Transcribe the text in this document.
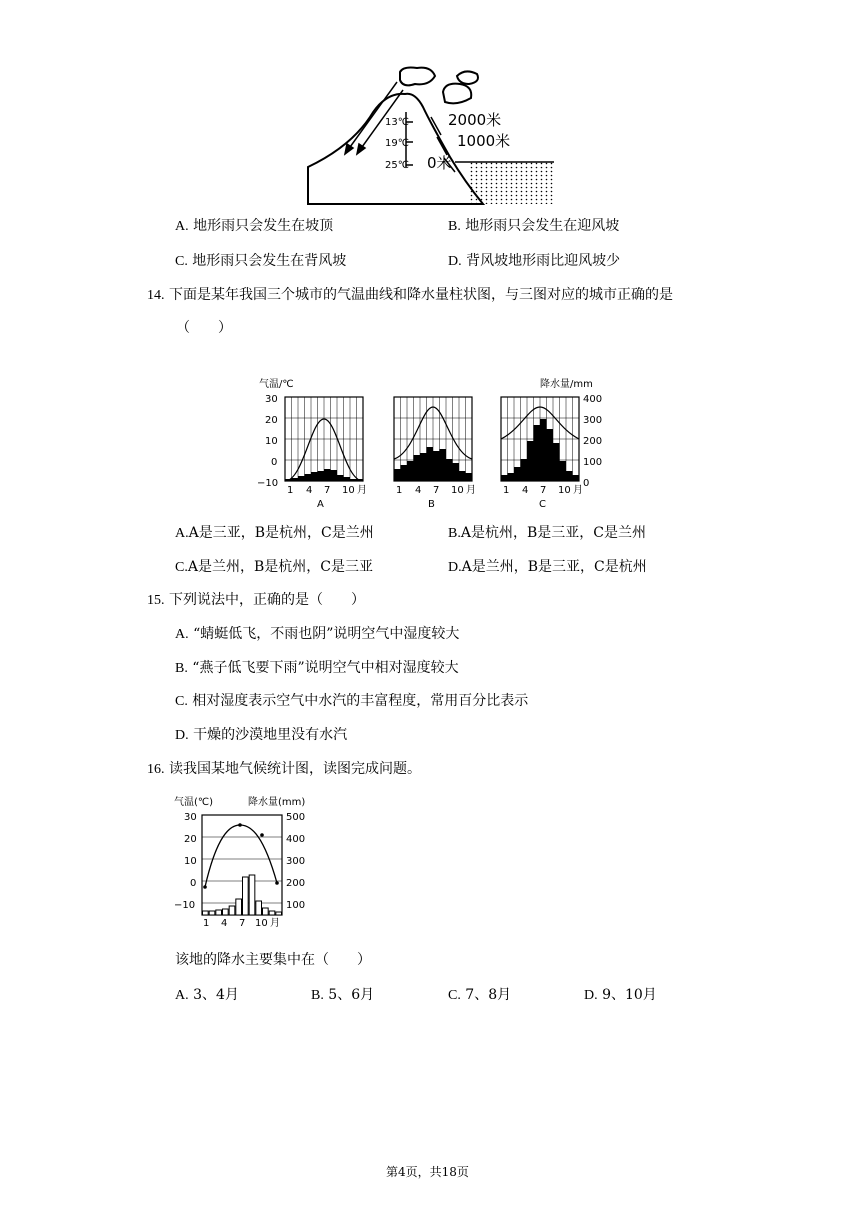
13℃
19℃
25℃
2000米
1000米
0米
A. 地形雨只会发生在坡顶	B. 地形雨只会发生在迎风坡
C. 地形雨只会发生在背风坡	D. 背风坡地形雨比迎风坡少
14. 下面是某年我国三个城市的气温曲线和降水量柱状图，与三图对应的城市正确的是
（　　）
气温/℃	降水量/mm
30
20
10
0
−10
400
300
200
100
0
1 4 7 10 月	1 4 7 10 月	1 4 7 10 月
A	B	C
A.A是三亚，B是杭州，C是兰州	B.A是杭州，B是三亚，C是兰州
C.A是兰州，B是杭州，C是三亚	D.A是兰州，B是三亚，C是杭州
15. 下列说法中，正确的是（　　）
A. “蜻蜓低飞，不雨也阴”说明空气中湿度较大
B. “燕子低飞要下雨”说明空气中相对湿度较大
C. 相对湿度表示空气中水汽的丰富程度，常用百分比表示
D. 干燥的沙漠地里没有水汽
16. 读我国某地气候统计图，读图完成问题。
气温(℃)	降水量(mm)
30
20
10
0
−10
500
400
300
200
100
1 4 7 10 月
该地的降水主要集中在（　　）
A. 3、4月	B. 5、6月	C. 7、8月	D. 9、10月
第4页，共18页
